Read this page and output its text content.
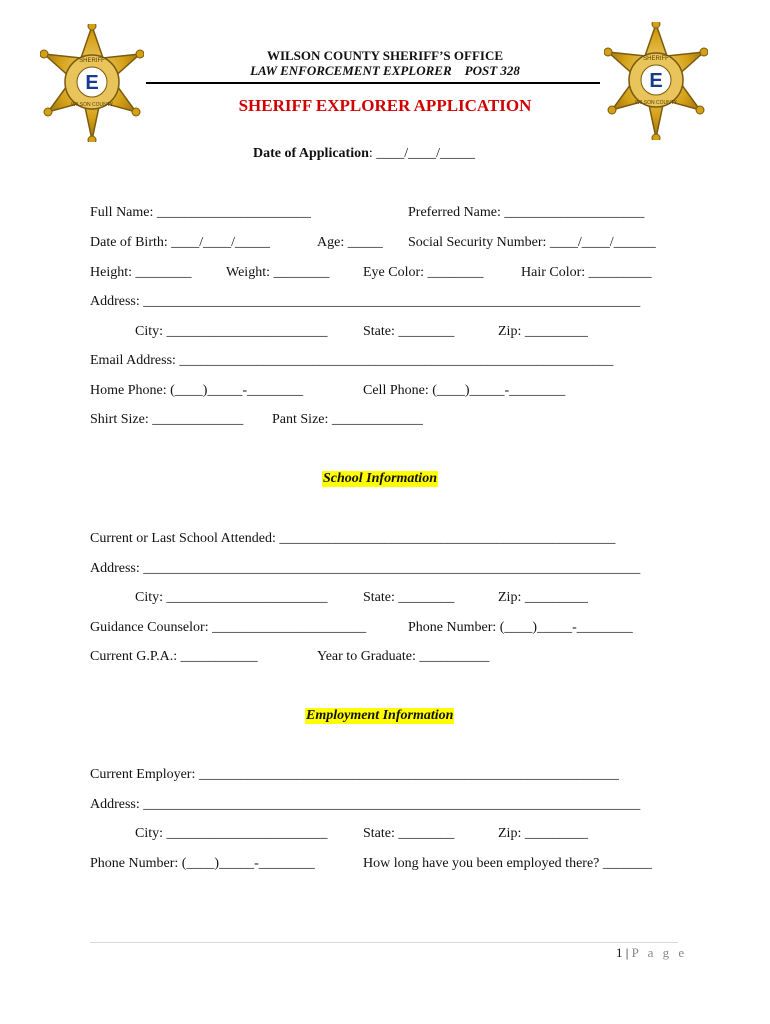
E
SHERIFF
WILSON COUNTY
E
SHERIFF
WILSON COUNTY
WILSON COUNTY SHERIFF’S OFFICE
LAW ENFORCEMENT EXPLORER    POST 328
SHERIFF EXPLORER APPLICATION
Date of Application: ____/____/_____
Full Name: ______________________	Preferred Name: ____________________
Date of Birth: ____/____/_____	Age: _____ Social Security Number: ____/____/______
Height: ________ Weight: ________ Eye Color: ________	Hair Color: _________
Address: _______________________________________________________________________
City: _______________________	State: ________	Zip: _________
Email Address: ______________________________________________________________
Home Phone: (____)_____-________	Cell Phone: (____)_____-________
Shirt Size: _____________ Pant Size: _____________
School Information
Current or Last School Attended: ________________________________________________
Address: _______________________________________________________________________
City: _______________________	State: ________	Zip: _________
Guidance Counselor: ______________________	Phone Number: (____)_____-________
Current G.P.A.: ___________	Year to Graduate: __________
Employment Information
Current Employer: ____________________________________________________________
Address: _______________________________________________________________________
City: _______________________	State: ________	Zip: _________
Phone Number: (____)_____-________	How long have you been employed there? _______
1 | P a g e
